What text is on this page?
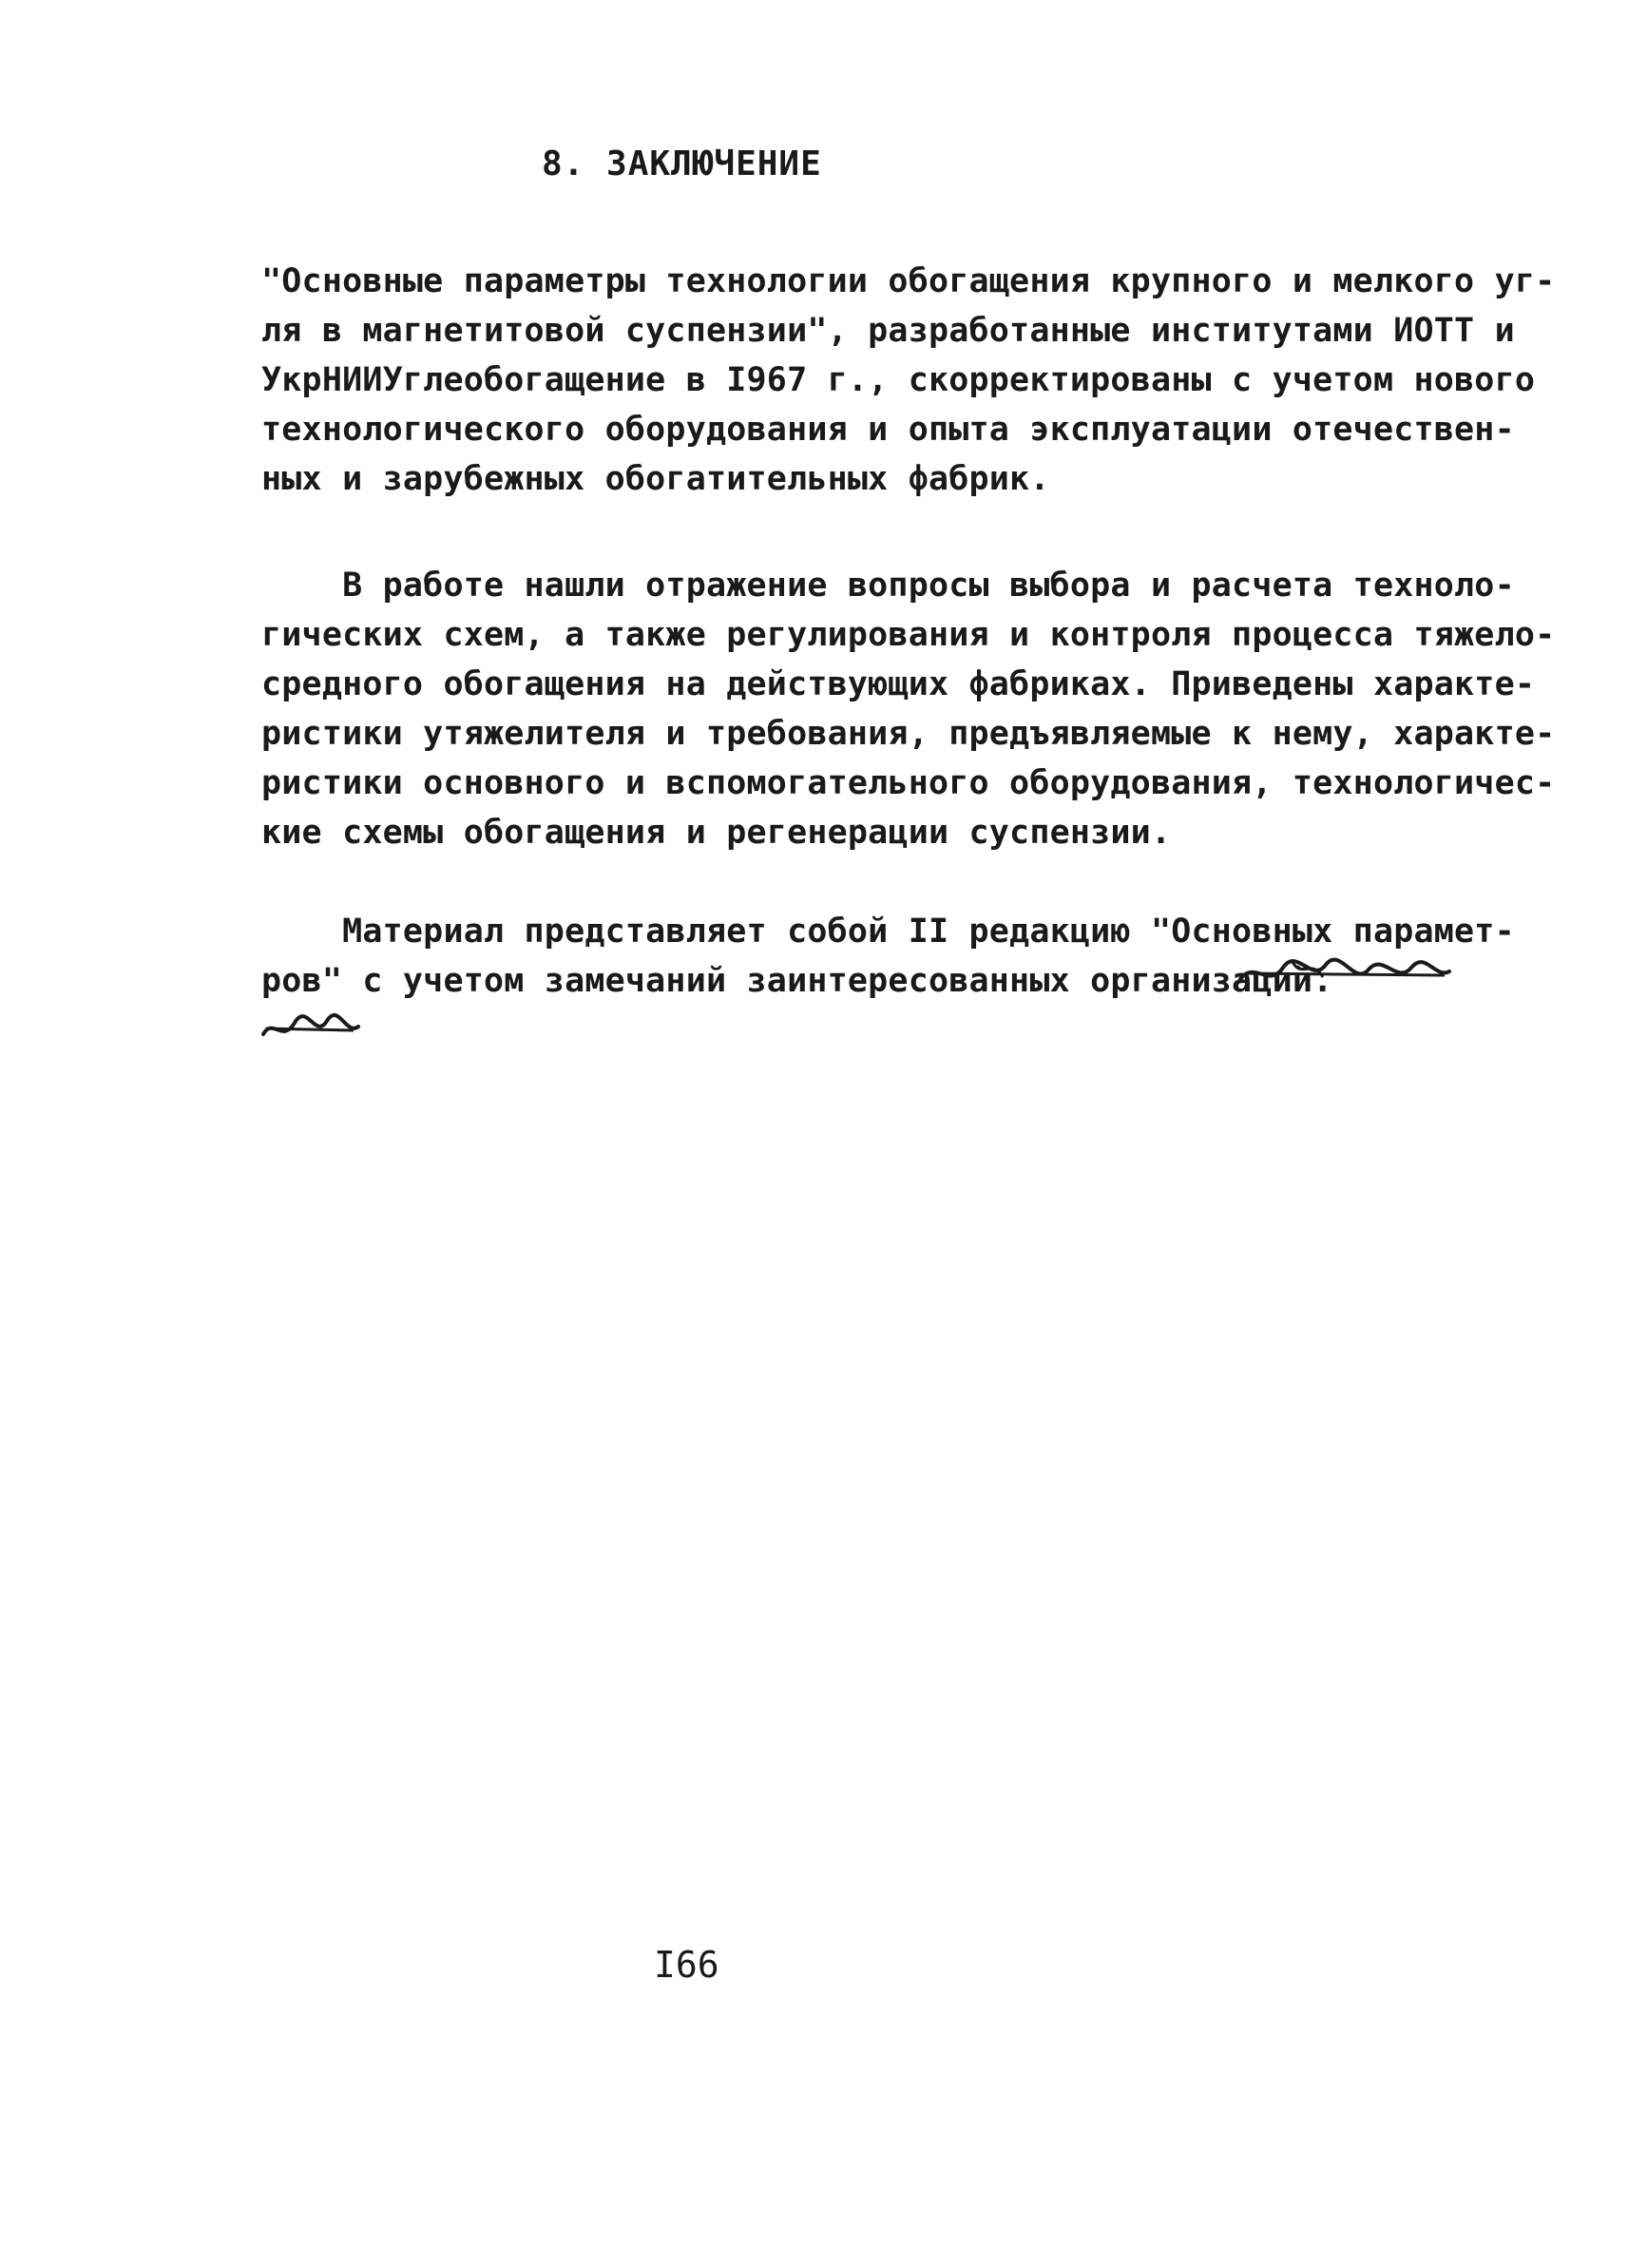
8. ЗАКЛЮЧЕНИЕ
"Основные параметры технологии обогащения крупного и мелкого уг-
ля в магнетитовой суспензии", разработанные институтами ИОТТ и
УкрНИИУглеобогащение в I967 г., скорректированы с учетом нового
технологического оборудования и опыта эксплуатации отечествен-
ных и зарубежных обогатительных фабрик.
В работе нашли отражение вопросы выбора и расчета техноло-
гических схем, а также регулирования и контроля процесса тяжело-
средного обогащения на действующих фабриках. Приведены характе-
ристики утяжелителя и требования, предъявляемые к нему, характе-
ристики основного и вспомогательного оборудования, технологичес-
кие схемы обогащения и регенерации суспензии.
Материал представляет собой II редакцию "Основных парамет-
ров" с учетом замечаний заинтересованных организаций.
I66
